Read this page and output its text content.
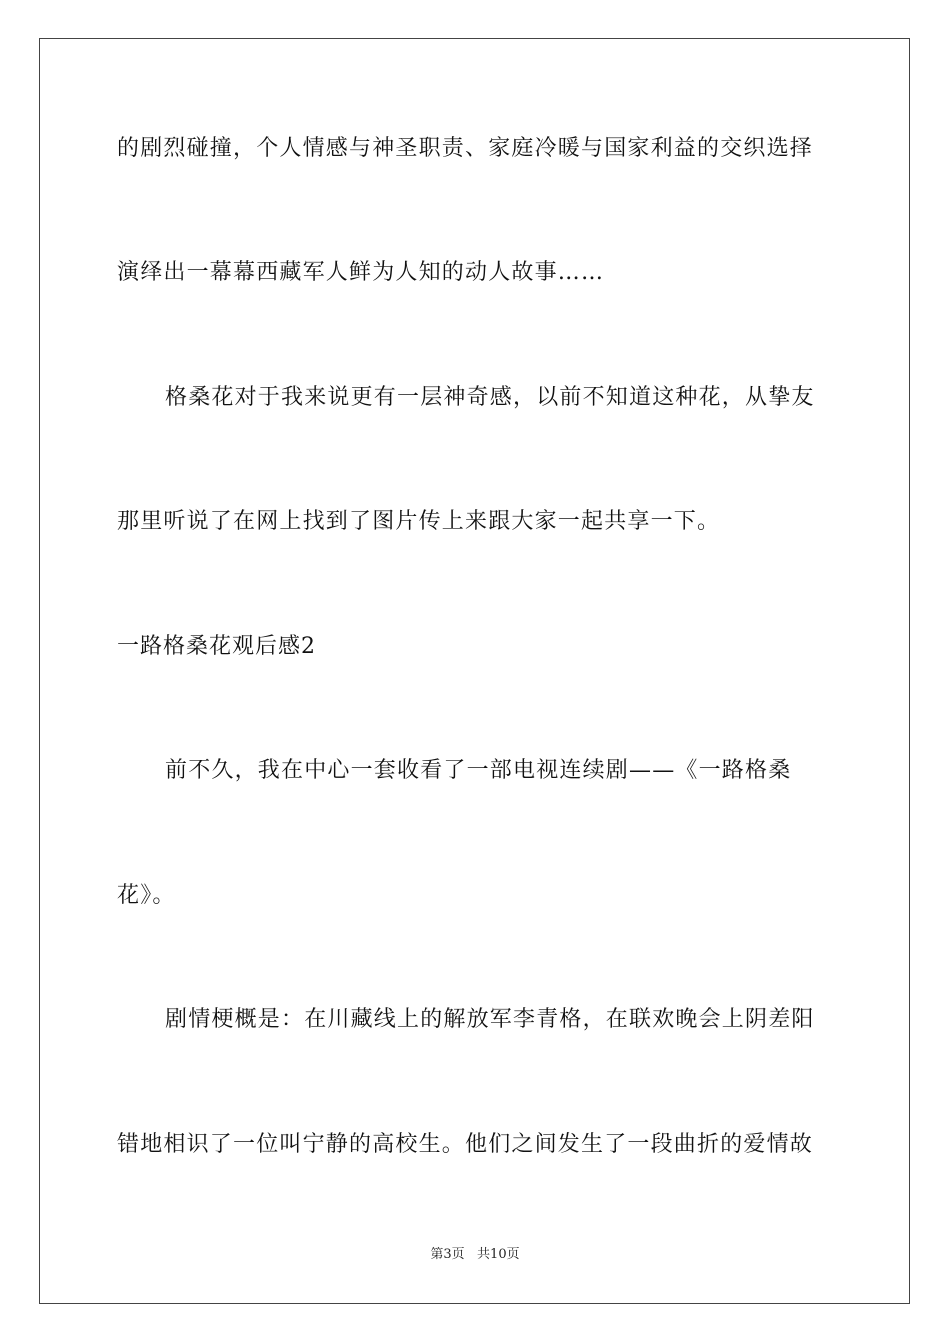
的剧烈碰撞，个人情感与神圣职责、家庭冷暖与国家利益的交织选择
演绎出一幕幕西藏军人鲜为人知的动人故事……
格桑花对于我来说更有一层神奇感，以前不知道这种花，从挚友
那里听说了在网上找到了图片传上来跟大家一起共享一下。
一路格桑花观后感2
前不久，我在中心一套收看了一部电视连续剧——《一路格桑
花》。
剧情梗概是：在川藏线上的解放军李青格，在联欢晚会上阴差阳
错地相识了一位叫宁静的高校生。他们之间发生了一段曲折的爱情故
第3页   共10页
